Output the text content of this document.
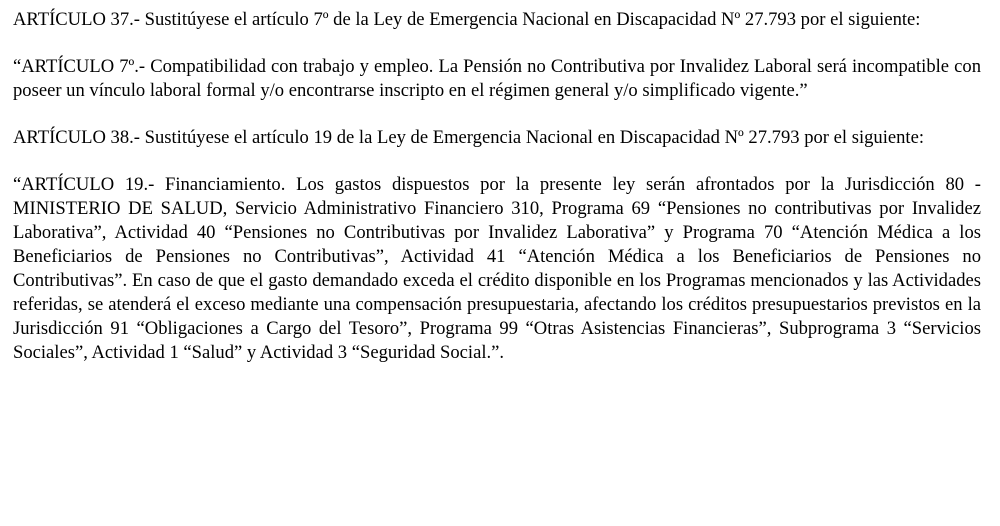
ARTÍCULO 37.- Sustitúyese el artículo 7º de la Ley de Emergencia Nacional en Discapacidad Nº 27.793 por el siguiente:

“ARTÍCULO 7º.- Compatibilidad con trabajo y empleo. La Pensión no Contributiva por Invalidez Laboral será incompatible con poseer un vínculo laboral formal y/o encontrarse inscripto en el régimen general y/o simplificado vigente.”

ARTÍCULO 38.- Sustitúyese el artículo 19 de la Ley de Emergencia Nacional en Discapacidad Nº 27.793 por el siguiente:

“ARTÍCULO 19.- Financiamiento. Los gastos dispuestos por la presente ley serán afrontados por la Jurisdicción 80 - MINISTERIO DE SALUD, Servicio Administrativo Financiero 310, Programa 69 “Pensiones no contributivas por Invalidez Laborativa”, Actividad 40 “Pensiones no Contributivas por Invalidez Laborativa” y Programa 70 “Atención Médica a los Beneficiarios de Pensiones no Contributivas”, Actividad 41 “Atención Médica a los Beneficiarios de Pensiones no Contributivas”. En caso de que el gasto demandado exceda el crédito disponible en los Programas mencionados y las Actividades referidas, se atenderá el exceso mediante una compensación presupuestaria, afectando los créditos presupuestarios previstos en la Jurisdicción 91 “Obligaciones a Cargo del Tesoro”, Programa 99 “Otras Asistencias Financieras”, Subprograma 3 “Servicios Sociales”, Actividad 1 “Salud” y Actividad 3 “Seguridad Social.”.
